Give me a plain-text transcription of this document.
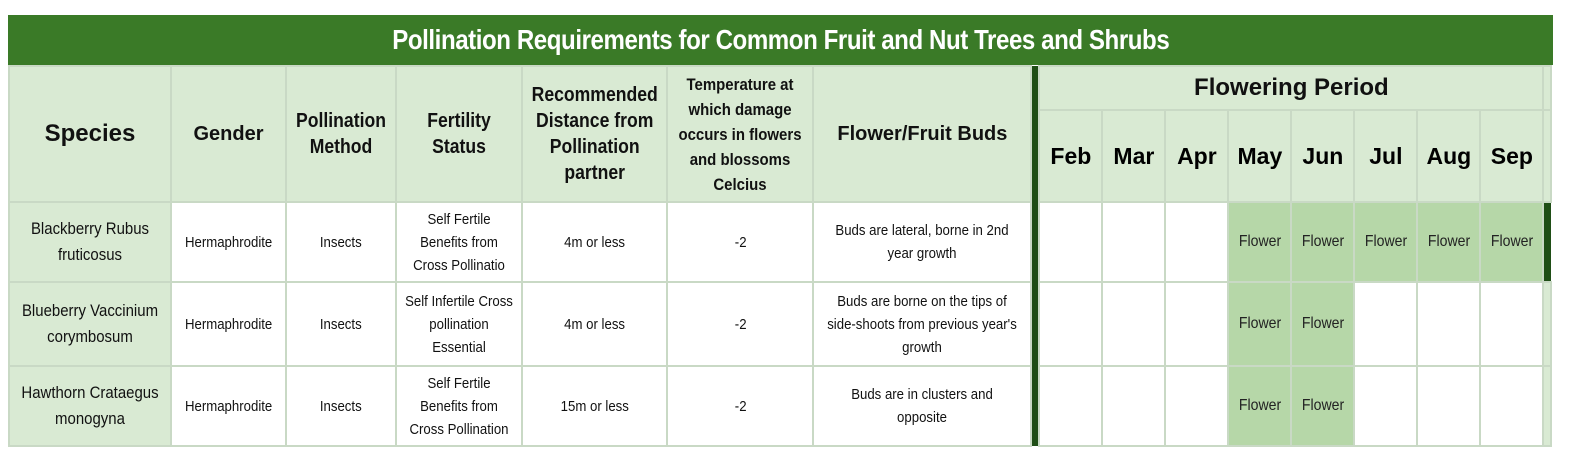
Pollination Requirements for Common Fruit and Nut Trees and Shrubs
Species	Gender	Pollination Method	Fertility Status	Recommended Distance from Pollination partner	Temperature at which damage occurs in flowers and blossoms Celcius	Flower/Fruit Buds		Flowering Period								
								Feb	Mar	Apr	May	Jun	Jul	Aug	Sep	
Blackberry Rubus fruticosus	Hermaphrodite	Insects	Self Fertile Benefits from Cross Pollinatio	4m or less	-2	Buds are lateral, borne in 2nd year growth					Flower	Flower	Flower	Flower	Flower	
Blueberry Vaccinium corymbosum	Hermaphrodite	Insects	Self Infertile Cross pollination Essential	4m or less	-2	Buds are borne on the tips of side-shoots from previous year's growth					Flower	Flower				
Hawthorn Crataegus monogyna	Hermaphrodite	Insects	Self Fertile Benefits from Cross Pollination	15m or less	-2	Buds are in clusters and opposite					Flower	Flower				
